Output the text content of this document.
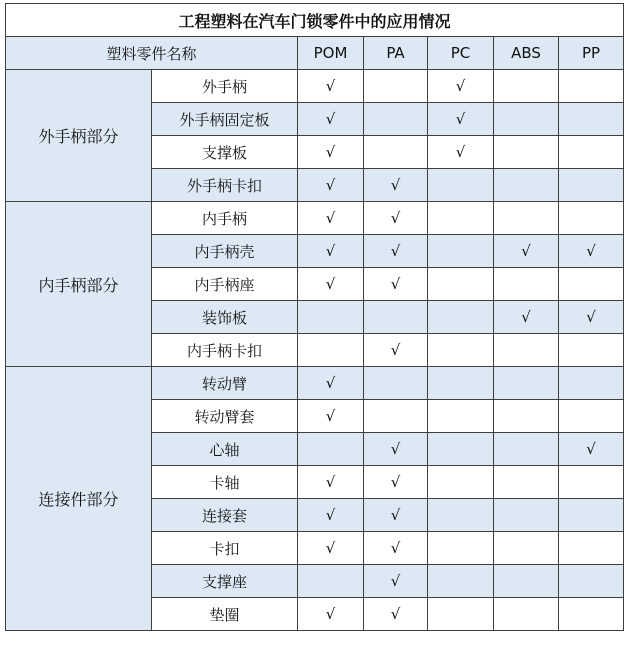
工程塑料在汽车门锁零件中的应用情况						
塑料零件名称		POM	PA	PC	ABS	PP
外手柄部分	外手柄	√		√		
	外手柄固定板	√		√		
	支撑板	√		√		
	外手柄卡扣	√	√			
内手柄部分	内手柄	√	√			
	内手柄壳	√	√		√	√
	内手柄座	√	√			
	装饰板				√	√
	内手柄卡扣		√			
连接件部分	转动臂	√				
	转动臂套	√				
	心轴		√			√
	卡轴	√	√			
	连接套	√	√			
	卡扣	√	√			
	支撑座		√			
	垫圈	√	√			
